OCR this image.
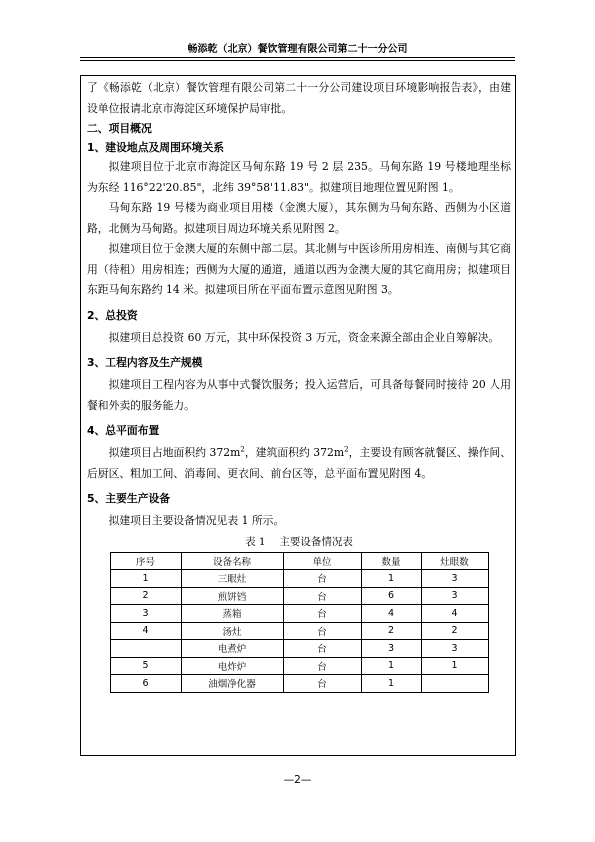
畅添乾（北京）餐饮管理有限公司第二十一分公司

了《畅添乾（北京）餐饮管理有限公司第二十一分公司建设项目环境影响报告表》，由建设单位报请北京市海淀区环境保护局审批。

二、项目概况
1、建设地点及周围环境关系

拟建项目位于北京市海淀区马甸东路 19 号 2 层 235。马甸东路 19 号楼地理坐标为东经 116°22'20.85"，北纬 39°58'11.83"。拟建项目地理位置见附图 1。

马甸东路 19 号楼为商业项目用楼（金澳大厦），其东侧为马甸东路、西侧为小区道路，北侧为马甸路。拟建项目周边环境关系见附图 2。

拟建项目位于金澳大厦的东侧中部二层。其北侧与中医诊所用房相连、南侧与其它商用（待租）用房相连；西侧为大厦的通道，通道以西为金澳大厦的其它商用房；拟建项目东距马甸东路约 14 米。拟建项目所在平面布置示意图见附图 3。

2、总投资

拟建项目总投资 60 万元，其中环保投资 3 万元，资金来源全部由企业自筹解决。

3、工程内容及生产规模

拟建项目工程内容为从事中式餐饮服务；投入运营后，可具备每餐同时接待 20 人用餐和外卖的服务能力。

4、总平面布置

拟建项目占地面积约 $372m^2$，建筑面积约 $372m^2$，主要设有顾客就餐区、操作间、后厨区、粗加工间、消毒间、更衣间、前台区等，总平面布置见附图 4。

5、主要生产设备

拟建项目主要设备情况见表 1 所示。

表 1　 主要设备情况表
序号	设备名称	单位	数量	灶眼数
1	三眼灶	台	1	3
2	煎饼铛	台	6	3
3	蒸箱	台	4	4
4	汤灶	台	2	2
	电煮炉	台	3	3
5	电炸炉	台	1	1
6	油烟净化器	台	1	
—2—
